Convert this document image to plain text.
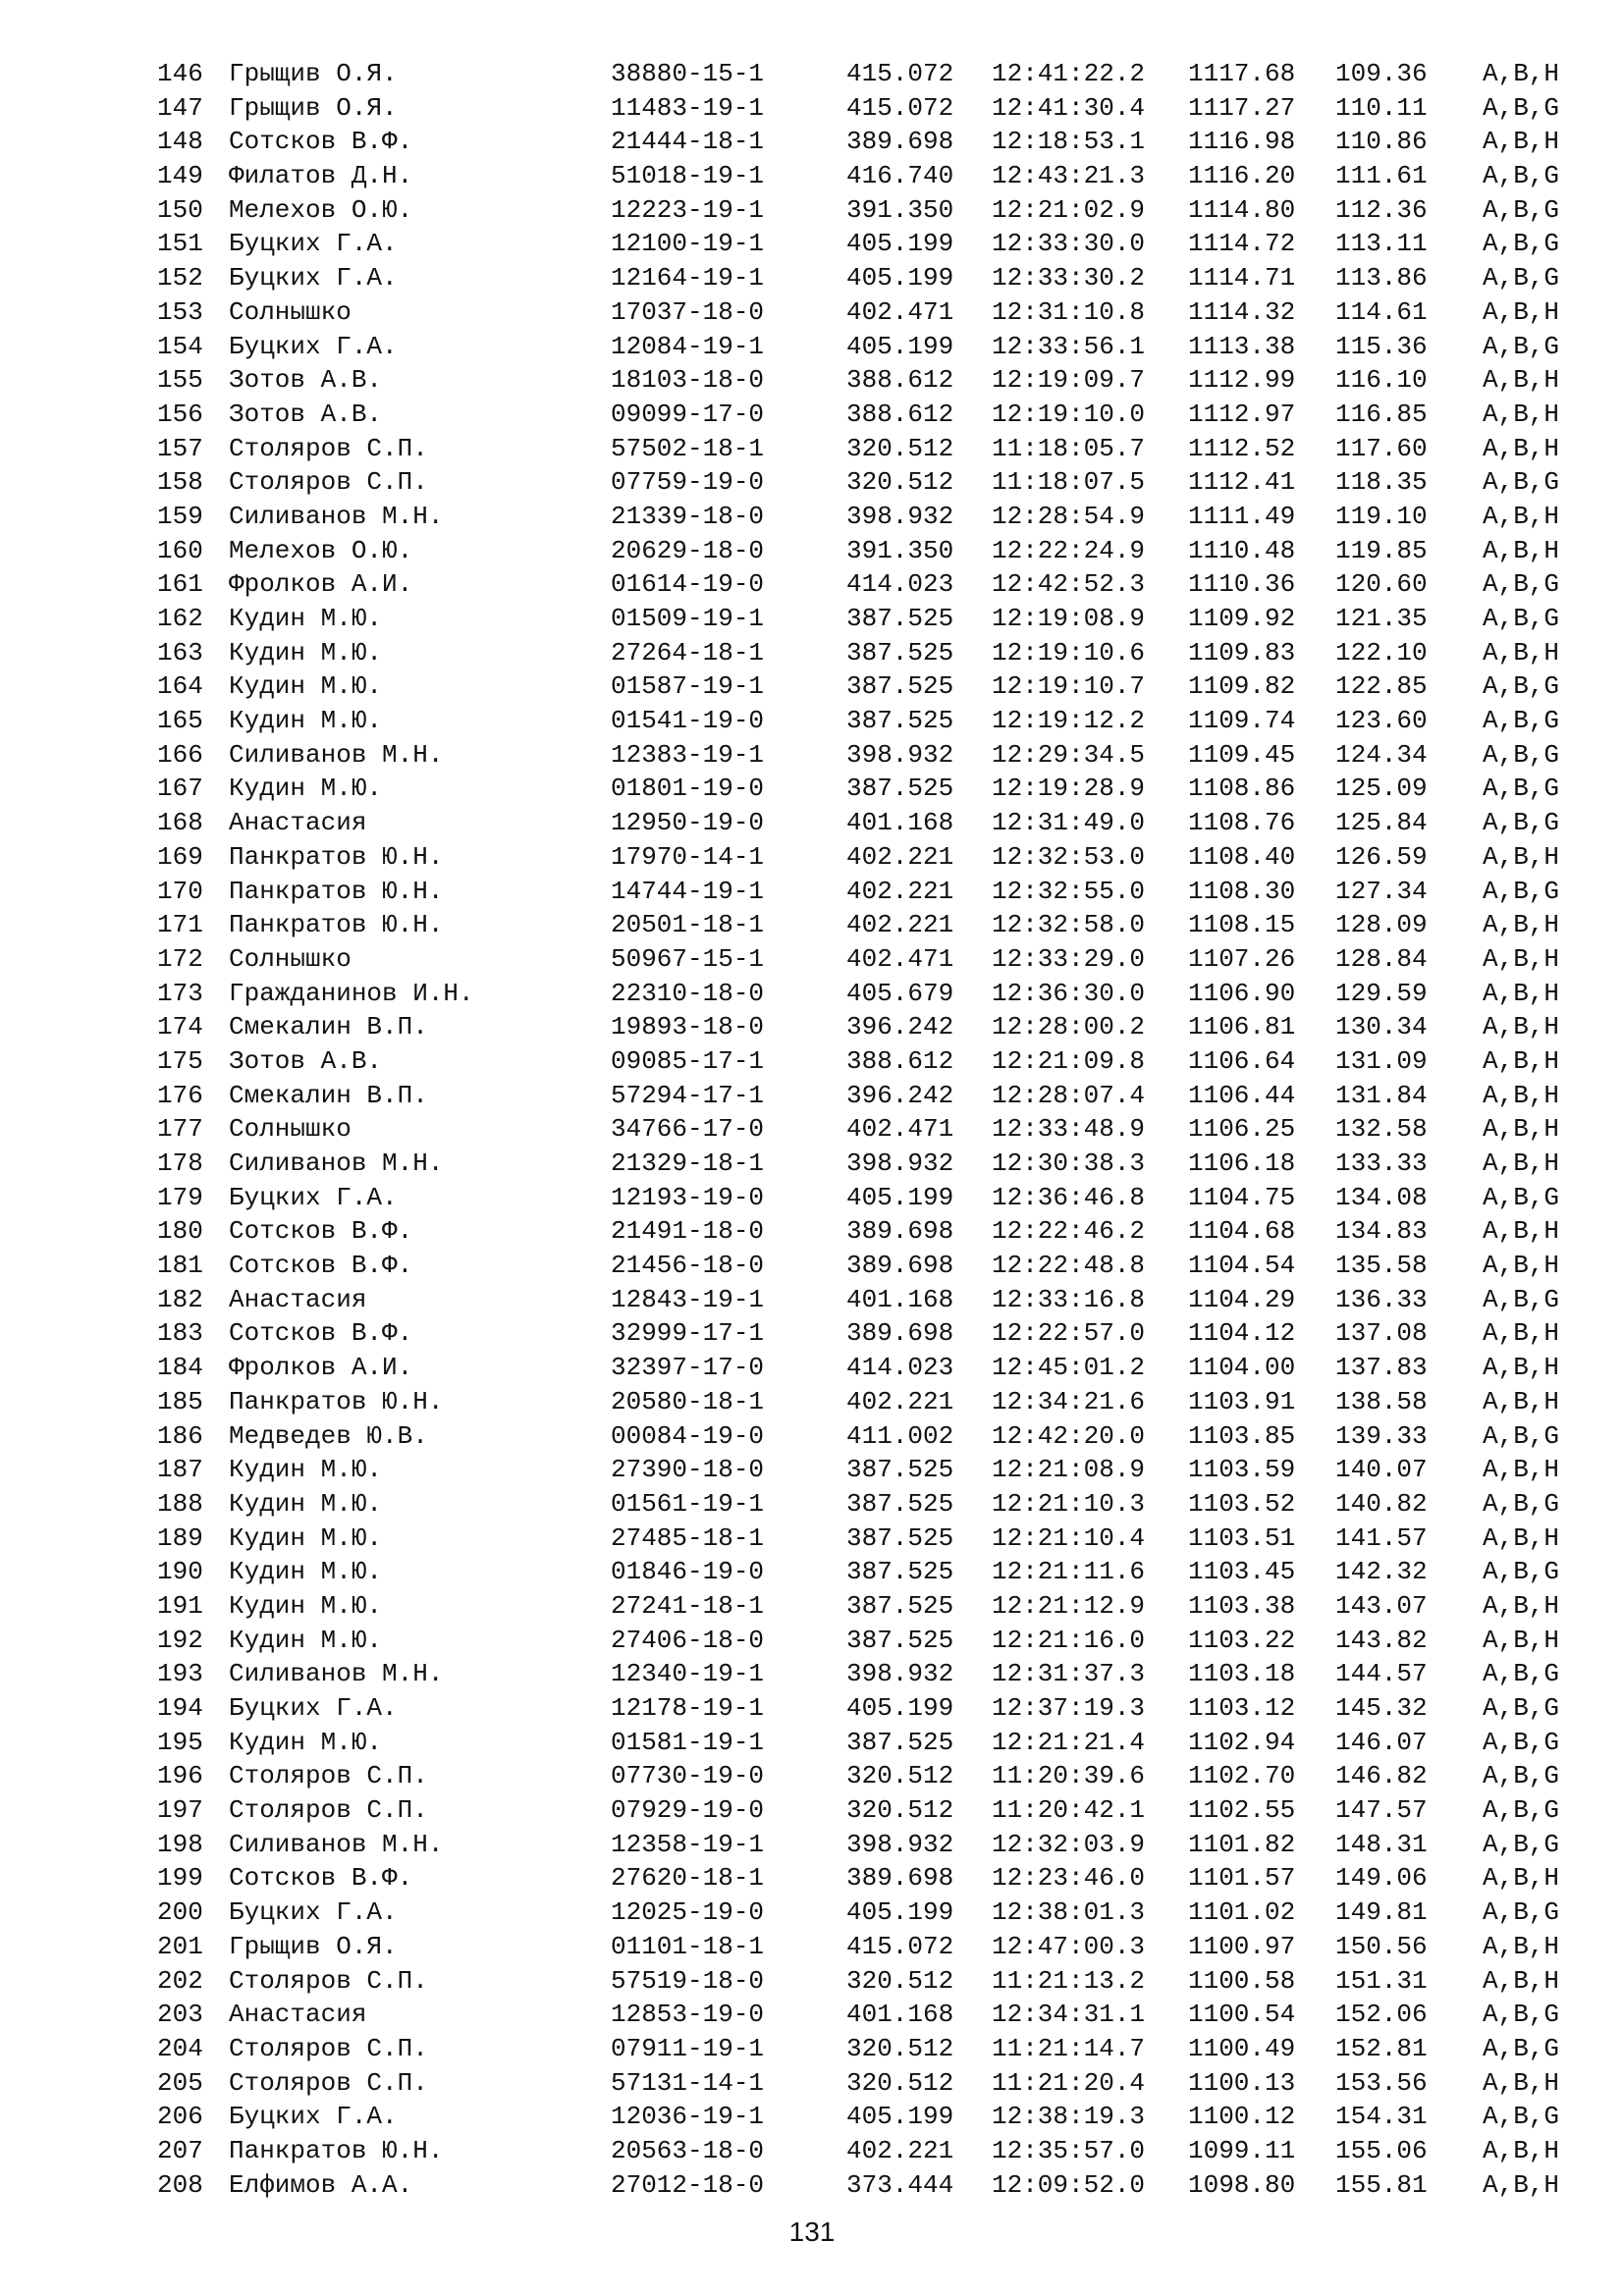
146 Грыщив О.Я.	38880-15-1	415.072 12:41:22.2 1117.68 109.36 A,B,H
147 Грыщив О.Я.	11483-19-1	415.072 12:41:30.4 1117.27 110.11 A,B,G
148 Сотсков В.Ф.	21444-18-1	389.698 12:18:53.1 1116.98 110.86 A,B,H
149 Филатов Д.Н.	51018-19-1	416.740 12:43:21.3 1116.20 111.61 A,B,G
150 Мелехов О.Ю.	12223-19-1	391.350 12:21:02.9 1114.80 112.36 A,B,G
151 Буцких Г.А.	12100-19-1	405.199 12:33:30.0 1114.72 113.11 A,B,G
152 Буцких Г.А.	12164-19-1	405.199 12:33:30.2 1114.71 113.86 A,B,G
153 Солнышко	17037-18-0	402.471 12:31:10.8 1114.32 114.61 A,B,H
154 Буцких Г.А.	12084-19-1	405.199 12:33:56.1 1113.38 115.36 A,B,G
155 Зотов А.В.	18103-18-0	388.612 12:19:09.7 1112.99 116.10 A,B,H
156 Зотов А.В.	09099-17-0	388.612 12:19:10.0 1112.97 116.85 A,B,H
157 Столяров С.П.	57502-18-1	320.512 11:18:05.7 1112.52 117.60 A,B,H
158 Столяров С.П.	07759-19-0	320.512 11:18:07.5 1112.41 118.35 A,B,G
159 Силиванов М.Н.	21339-18-0	398.932 12:28:54.9 1111.49 119.10 A,B,H
160 Мелехов О.Ю.	20629-18-0	391.350 12:22:24.9 1110.48 119.85 A,B,H
161 Фролков А.И.	01614-19-0	414.023 12:42:52.3 1110.36 120.60 A,B,G
162 Кудин М.Ю.	01509-19-1	387.525 12:19:08.9 1109.92 121.35 A,B,G
163 Кудин М.Ю.	27264-18-1	387.525 12:19:10.6 1109.83 122.10 A,B,H
164 Кудин М.Ю.	01587-19-1	387.525 12:19:10.7 1109.82 122.85 A,B,G
165 Кудин М.Ю.	01541-19-0	387.525 12:19:12.2 1109.74 123.60 A,B,G
166 Силиванов М.Н.	12383-19-1	398.932 12:29:34.5 1109.45 124.34 A,B,G
167 Кудин М.Ю.	01801-19-0	387.525 12:19:28.9 1108.86 125.09 A,B,G
168 Анастасия	12950-19-0	401.168 12:31:49.0 1108.76 125.84 A,B,G
169 Панкратов Ю.Н.	17970-14-1	402.221 12:32:53.0 1108.40 126.59 A,B,H
170 Панкратов Ю.Н.	14744-19-1	402.221 12:32:55.0 1108.30 127.34 A,B,G
171 Панкратов Ю.Н.	20501-18-1	402.221 12:32:58.0 1108.15 128.09 A,B,H
172 Солнышко	50967-15-1	402.471 12:33:29.0 1107.26 128.84 A,B,H
173 Гражданинов И.Н.	22310-18-0	405.679 12:36:30.0 1106.90 129.59 A,B,H
174 Смекалин В.П.	19893-18-0	396.242 12:28:00.2 1106.81 130.34 A,B,H
175 Зотов А.В.	09085-17-1	388.612 12:21:09.8 1106.64 131.09 A,B,H
176 Смекалин В.П.	57294-17-1	396.242 12:28:07.4 1106.44 131.84 A,B,H
177 Солнышко	34766-17-0	402.471 12:33:48.9 1106.25 132.58 A,B,H
178 Силиванов М.Н.	21329-18-1	398.932 12:30:38.3 1106.18 133.33 A,B,H
179 Буцких Г.А.	12193-19-0	405.199 12:36:46.8 1104.75 134.08 A,B,G
180 Сотсков В.Ф.	21491-18-0	389.698 12:22:46.2 1104.68 134.83 A,B,H
181 Сотсков В.Ф.	21456-18-0	389.698 12:22:48.8 1104.54 135.58 A,B,H
182 Анастасия	12843-19-1	401.168 12:33:16.8 1104.29 136.33 A,B,G
183 Сотсков В.Ф.	32999-17-1	389.698 12:22:57.0 1104.12 137.08 A,B,H
184 Фролков А.И.	32397-17-0	414.023 12:45:01.2 1104.00 137.83 A,B,H
185 Панкратов Ю.Н.	20580-18-1	402.221 12:34:21.6 1103.91 138.58 A,B,H
186 Медведев Ю.В.	00084-19-0	411.002 12:42:20.0 1103.85 139.33 A,B,G
187 Кудин М.Ю.	27390-18-0	387.525 12:21:08.9 1103.59 140.07 A,B,H
188 Кудин М.Ю.	01561-19-1	387.525 12:21:10.3 1103.52 140.82 A,B,G
189 Кудин М.Ю.	27485-18-1	387.525 12:21:10.4 1103.51 141.57 A,B,H
190 Кудин М.Ю.	01846-19-0	387.525 12:21:11.6 1103.45 142.32 A,B,G
191 Кудин М.Ю.	27241-18-1	387.525 12:21:12.9 1103.38 143.07 A,B,H
192 Кудин М.Ю.	27406-18-0	387.525 12:21:16.0 1103.22 143.82 A,B,H
193 Силиванов М.Н.	12340-19-1	398.932 12:31:37.3 1103.18 144.57 A,B,G
194 Буцких Г.А.	12178-19-1	405.199 12:37:19.3 1103.12 145.32 A,B,G
195 Кудин М.Ю.	01581-19-1	387.525 12:21:21.4 1102.94 146.07 A,B,G
196 Столяров С.П.	07730-19-0	320.512 11:20:39.6 1102.70 146.82 A,B,G
197 Столяров С.П.	07929-19-0	320.512 11:20:42.1 1102.55 147.57 A,B,G
198 Силиванов М.Н.	12358-19-1	398.932 12:32:03.9 1101.82 148.31 A,B,G
199 Сотсков В.Ф.	27620-18-1	389.698 12:23:46.0 1101.57 149.06 A,B,H
200 Буцких Г.А.	12025-19-0	405.199 12:38:01.3 1101.02 149.81 A,B,G
201 Грыщив О.Я.	01101-18-1	415.072 12:47:00.3 1100.97 150.56 A,B,H
202 Столяров С.П.	57519-18-0	320.512 11:21:13.2 1100.58 151.31 A,B,H
203 Анастасия	12853-19-0	401.168 12:34:31.1 1100.54 152.06 A,B,G
204 Столяров С.П.	07911-19-1	320.512 11:21:14.7 1100.49 152.81 A,B,G
205 Столяров С.П.	57131-14-1	320.512 11:21:20.4 1100.13 153.56 A,B,H
206 Буцких Г.А.	12036-19-1	405.199 12:38:19.3 1100.12 154.31 A,B,G
207 Панкратов Ю.Н.	20563-18-0	402.221 12:35:57.0 1099.11 155.06 A,B,H
208 Елфимов А.А.	27012-18-0	373.444 12:09:52.0 1098.80 155.81 A,B,H
131
